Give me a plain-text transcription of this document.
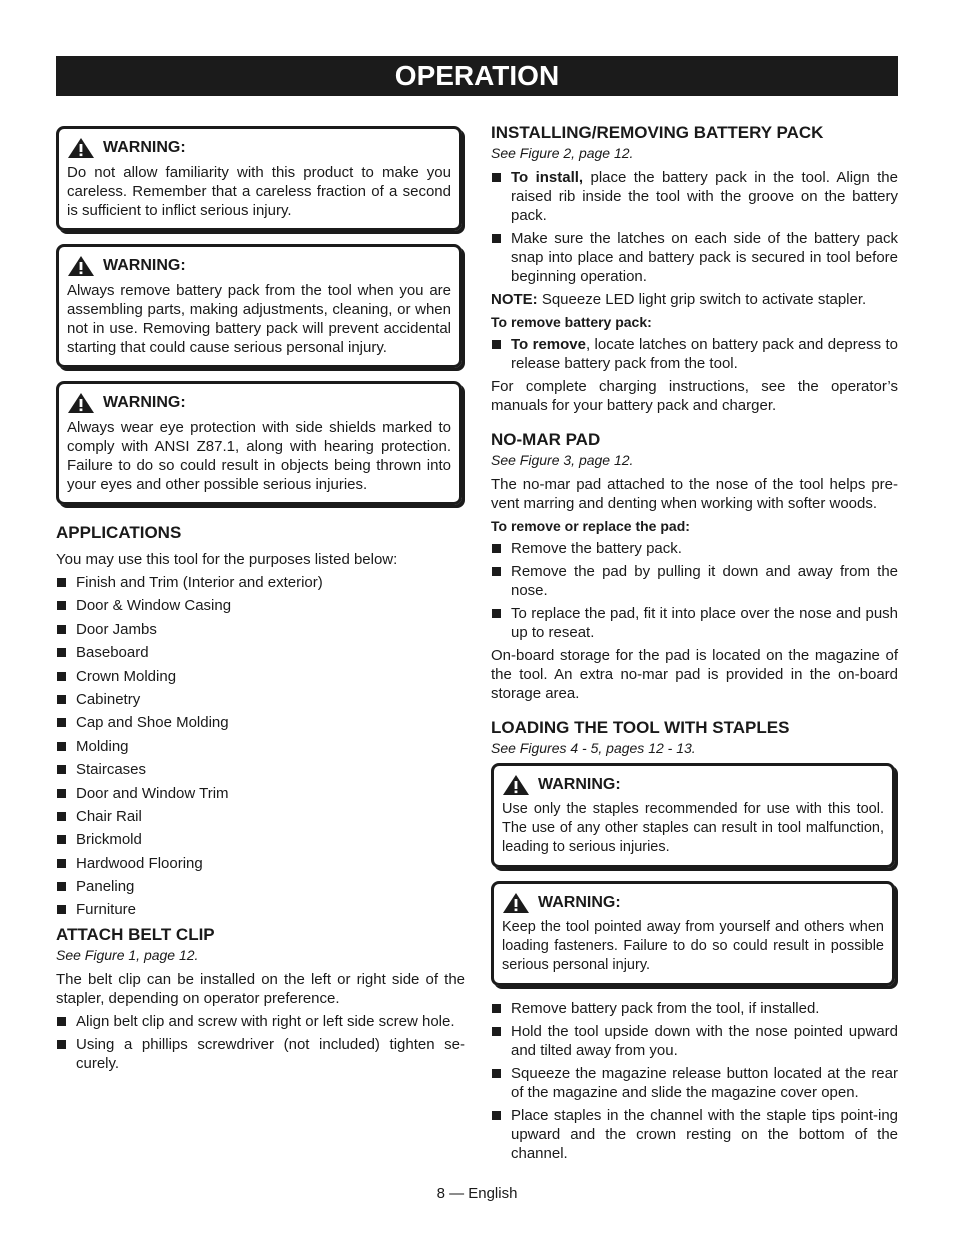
OPERATION
WARNING:
Do not allow familiarity with this product to make you careless. Remember that a careless fraction of a second is sufficient to inflict serious injury.
WARNING:
Always remove battery pack from the tool when you are assembling parts, making adjustments, cleaning, or when not in use. Removing battery pack will prevent accidental starting that could cause serious personal injury.
WARNING:
Always wear eye protection with side shields marked to comply with ANSI Z87.1, along with hearing protection. Failure to do so could result in objects being thrown into your eyes and other possible serious injuries.
APPLICATIONS

You may use this tool for the purposes listed below:

Finish and Trim (Interior and exterior)
Door & Window Casing
Door Jambs
Baseboard
Crown Molding
Cabinetry
Cap and Shoe Molding
Molding
Staircases
Door and Window Trim
Chair Rail
Brickmold
Hardwood Flooring
Paneling
Furniture
ATTACH BELT CLIP
See Figure 1, page 12.

The belt clip can be installed on the left or right side of the stapler, depending on operator preference.

Align belt clip and screw with right or left side screw hole.
Using a phillips screwdriver (not included) tighten se-curely.
INSTALLING/REMOVING BATTERY PACK
See Figure 2, page 12.
To install, place the battery pack in the tool. Align the raised rib inside the tool with the groove on the battery pack.
Make sure the latches on each side of the battery pack snap into place and battery pack is secured in tool before beginning operation.

NOTE: Squeeze LED light grip switch to activate stapler.

To remove battery pack:
To remove, locate latches on battery pack and depress to release battery pack from the tool.

For complete charging instructions, see the operator’s manuals for your battery pack and charger.

NO-MAR PAD
See Figure 3, page 12.

The no-mar pad attached to the nose of the tool helps pre-vent marring and denting when working with softer woods.

To remove or replace the pad:
Remove the battery pack.
Remove the pad by pulling it down and away from the nose.
To replace the pad, fit it into place over the nose and push up to reseat.

On-board storage for the pad is located on the magazine of the tool. An extra no-mar pad is provided in the on-board storage area.

LOADING THE TOOL WITH STAPLES
See Figures 4 - 5, pages 12 - 13.
WARNING:
Use only the staples recommended for use with this tool. The use of any other staples can result in tool malfunction, leading to serious injuries.
WARNING:
Keep the tool pointed away from yourself and others when loading fasteners. Failure to do so could result in possible serious personal injury.
Remove battery pack from the tool, if installed.
Hold the tool upside down with the nose pointed upward and tilted away from you.
Squeeze the magazine release button located at the rear of the magazine and slide the magazine cover open.
Place staples in the channel with the staple tips point-ing upward and the crown resting on the bottom of the channel.
8 — English
